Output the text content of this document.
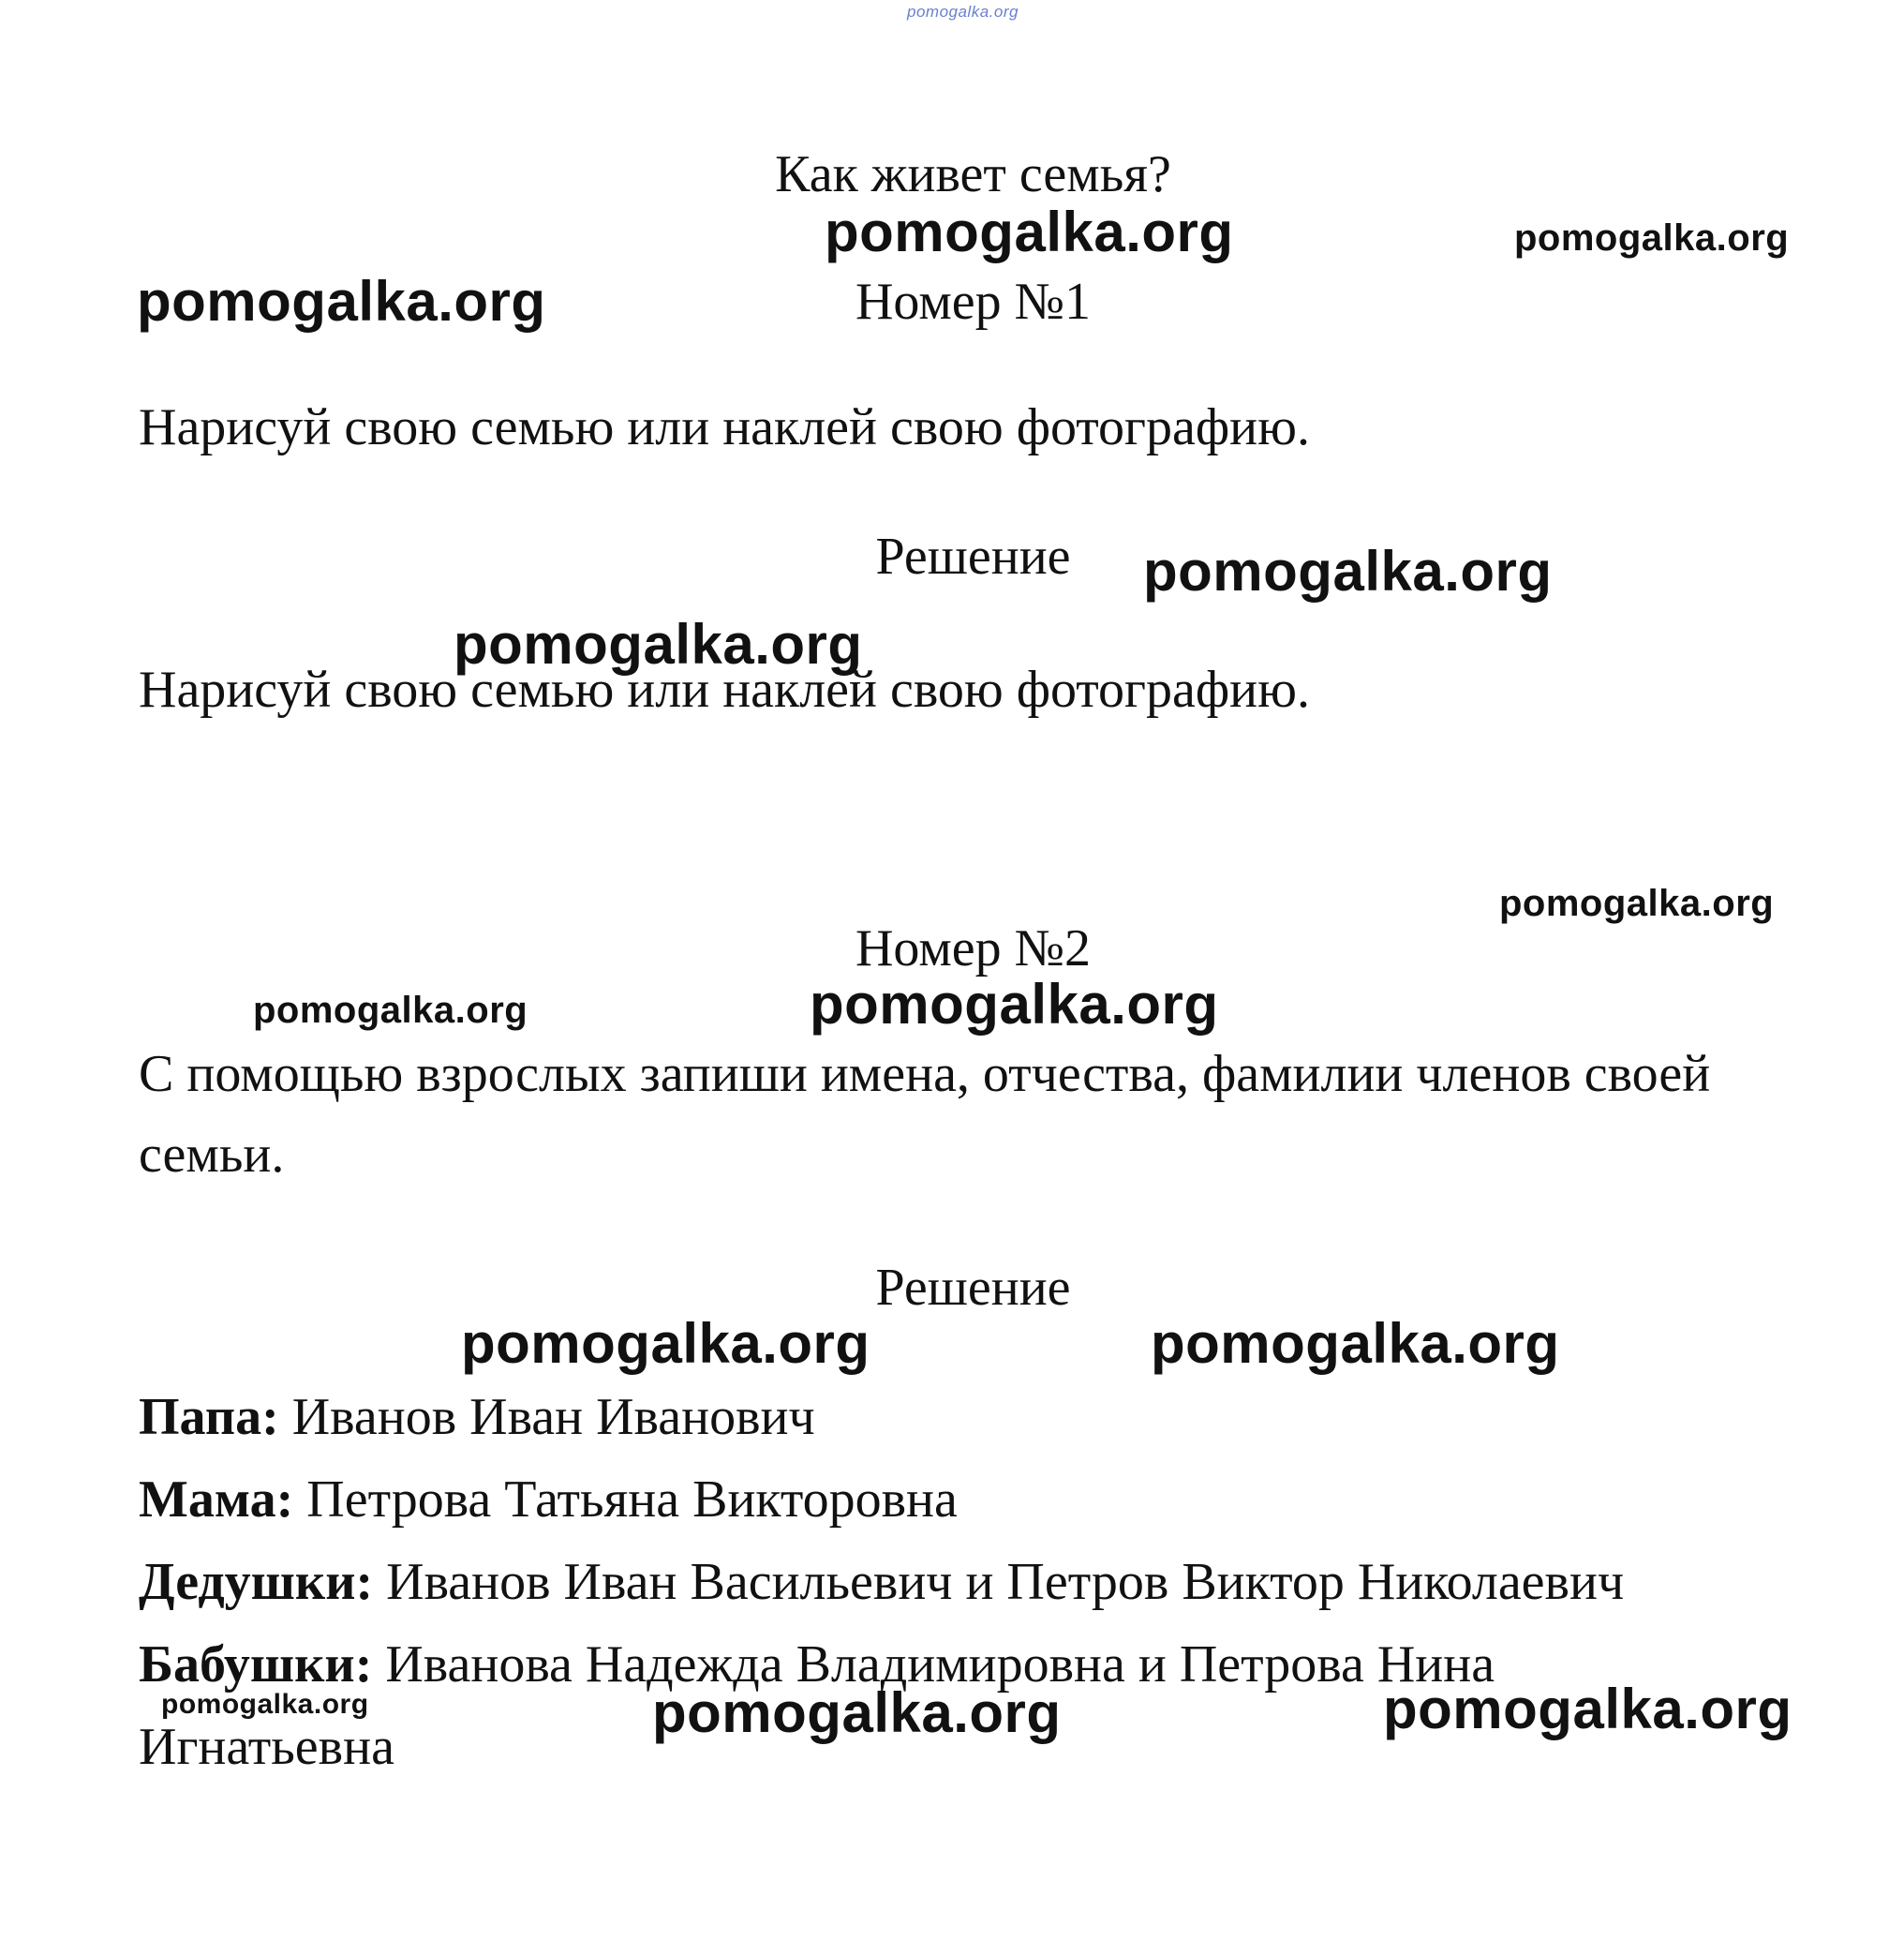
pomogalka.org
Как живет семья?
pomogalka.org	pomogalka.org
pomogalka.org	Номер №1
Нарисуй свою семью или наклей свою фотографию.
Решение	pomogalka.org
Нарисуй свою семью или наклей свою фотографию.
pomogalka.org
pomogalka.org
Номер №2
pomogalka.org	pomogalka.org
С помощью взрослых запиши имена, отчества, фамилии членов своей
семьи.
Решение
pomogalka.org	pomogalka.org
Папа: Иванов Иван Иванович
Мама: Петрова Татьяна Викторовна
Дедушки: Иванов Иван Васильевич и Петров Виктор Николаевич
Бабушки: Иванова Надежда Владимировна и Петрова Нина
pomogalka.org	pomogalka.org	pomogalka.org
Игнатьевна
